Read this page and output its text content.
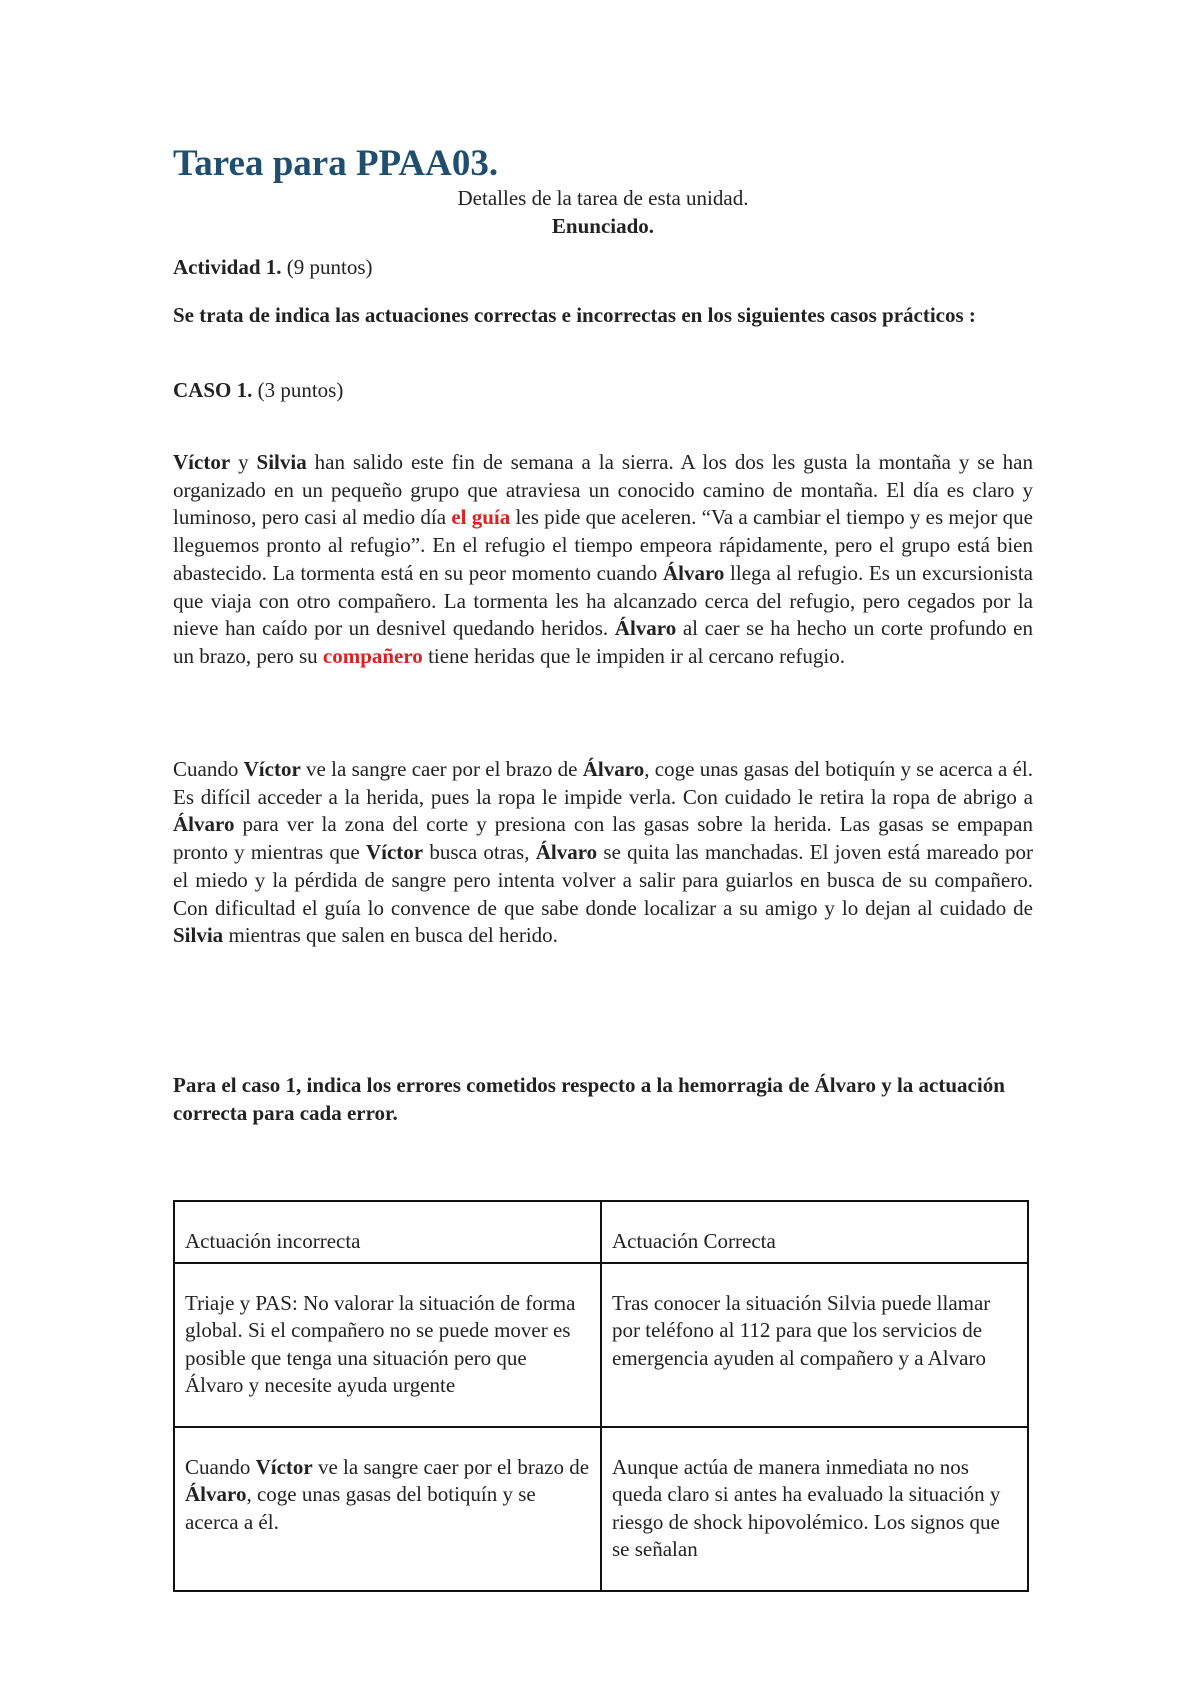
Tarea para PPAA03.
Detalles de la tarea de esta unidad.
Enunciado.
Actividad 1. (9 puntos)
Se trata de indica las actuaciones correctas e incorrectas en los siguientes casos prácticos :
CASO 1. (3 puntos)

Víctor y Silvia han salido este fin de semana a la sierra. A los dos les gusta la montaña y se han organizado en un pequeño grupo que atraviesa un conocido camino de montaña. El día es claro y luminoso, pero casi al medio día el guía les pide que aceleren. “Va a cambiar el tiempo y es mejor que lleguemos pronto al refugio”. En el refugio el tiempo empeora rápidamente, pero el grupo está bien abastecido. La tormenta está en su peor momento cuando Álvaro llega al refugio. Es un excursionista que viaja con otro compañero. La tormenta les ha alcanzado cerca del refugio, pero cegados por la nieve han caído por un desnivel quedando heridos. Álvaro al caer se ha hecho un corte profundo en un brazo, pero su compañero tiene heridas que le impiden ir al cercano refugio.

Cuando Víctor ve la sangre caer por el brazo de Álvaro, coge unas gasas del botiquín y se acerca a él. Es difícil acceder a la herida, pues la ropa le impide verla. Con cuidado le retira la ropa de abrigo a Álvaro para ver la zona del corte y presiona con las gasas sobre la herida. Las gasas se empapan pronto y mientras que Víctor busca otras, Álvaro se quita las manchadas. El joven está mareado por el miedo y la pérdida de sangre pero intenta volver a salir para guiarlos en busca de su compañero. Con dificultad el guía lo convence de que sabe donde localizar a su amigo y lo dejan al cuidado de Silvia mientras que salen en busca del herido.

Para el caso 1, indica los errores cometidos respecto a la hemorragia de Álvaro y la actuación correcta para cada error.

Actuación incorrecta	Actuación Correcta
Triaje y PAS: No valorar la situación de forma global. Si el compañero no se puede mover es posible que tenga una situación pero que Álvaro y necesite ayuda urgente	Tras conocer la situación Silvia puede llamar por teléfono al 112 para que los servicios de emergencia ayuden al compañero y a Alvaro
Cuando Víctor ve la sangre caer por el brazo de Álvaro, coge unas gasas del botiquín y se acerca a él.	Aunque actúa de manera inmediata no nos queda claro si antes ha evaluado la situación y riesgo de shock hipovolémico. Los signos que se señalan
